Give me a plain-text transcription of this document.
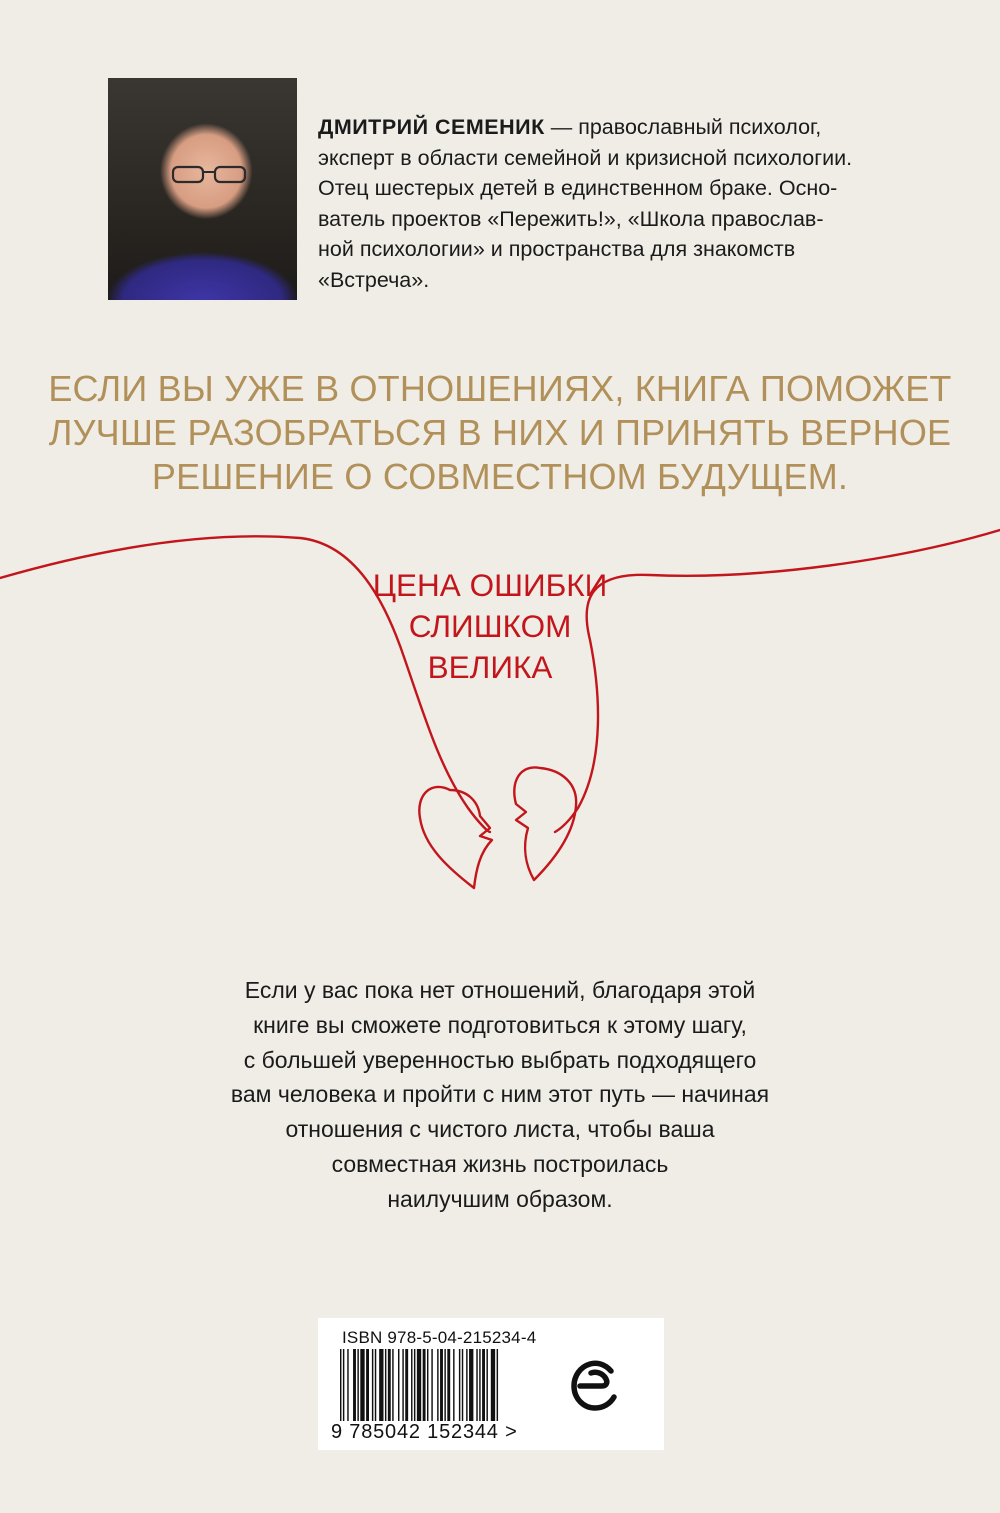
ДМИТРИЙ СЕМЕНИК — православный психолог,
эксперт в области семейной и кризисной психологии.
Отец шестерых детей в единственном браке. Осно-
ватель проектов «Пережить!», «Школа православ-
ной психологии» и пространства для знакомств
«Встреча».
ЕСЛИ ВЫ УЖЕ В ОТНОШЕНИЯХ, КНИГА ПОМОЖЕТ
ЛУЧШЕ РАЗОБРАТЬСЯ В НИХ И ПРИНЯТЬ ВЕРНОЕ
РЕШЕНИЕ О СОВМЕСТНОМ БУДУЩЕМ.
ЦЕНА ОШИБКИ
СЛИШКОМ
ВЕЛИКА
Если у вас пока нет отношений, благодаря этой
книге вы сможете подготовиться к этому шагу,
с большей уверенностью выбрать подходящего
вам человека и пройти с ним этот путь — начиная
отношения с чистого листа, чтобы ваша
совместная жизнь построилась
наилучшим образом.
ISBN 978-5-04-215234-4
9 785042 152344 >
